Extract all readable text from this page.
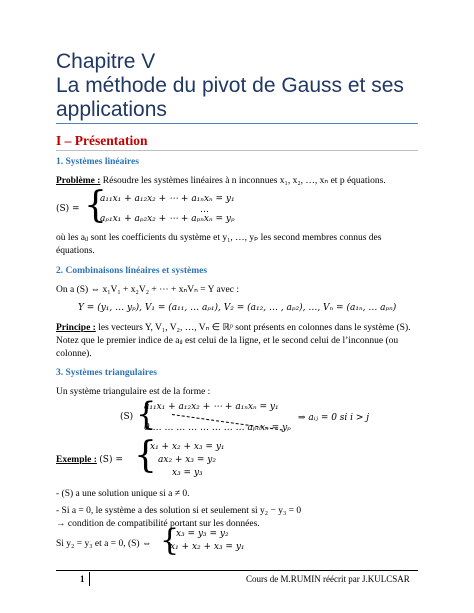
Chapitre V
La méthode du pivot de Gauss et ses
applications
I – Présentation
1. Systèmes linéaires
Problème : Résoudre les systèmes linéaires à n inconnues x₁, x₂, …, xₙ et p équations.
(S) = {
a₁₁x₁ + a₁₂x₂ + ⋯ + a₁ₙxₙ = y₁
…
aₚ₁x₁ + aₚ₂x₂ + ⋯ + aₚₙxₙ = yₚ
où les aᵢⱼ sont les coefficients du système et y₁, …, yₚ les second membres connus des
équations.
2. Combinaisons linéaires et systèmes
On a (S) ⇔ x₁V₁ + x₂V₂ + ⋯ + xₙVₙ = Y avec :
Y = (y₁, … yₚ), V₁ = (a₁₁, … aₚ₁), V₂ = (a₁₂, … , aₚ₂), …, Vₙ = (a₁ₙ, … aₚₙ)
Principe : les vecteurs Y, V₁, V₂, …, Vₙ ∈ ℝᵖ sont présents en colonnes dans le système (S).
Notez que le premier indice de aᵢⱼ est celui de la ligne, et le second celui de l’inconnue (ou
colonne).
3. Systèmes triangulaires
Un système triangulaire est de la forme :
(S) {
a₁₁x₁ + a₁₂x₂ + ⋯ + a₁ₙxₙ = y₁
0 … … … … … … … … aₚₙxₙ = yₚ
⇒ aᵢⱼ = 0 si i > j
Exemple : (S) = {
x₁ + x₂ + x₃ = y₁
ax₂ + x₃ = y₂
x₃ = y₃
- (S) a une solution unique si a ≠ 0.
- Si a = 0, le système a des solution si et seulement si y₂ − y₃ = 0
→ condition de compatibilité portant sur les données.
Si y₂ = y₃ et a = 0, (S) ⇔ {
x₃ = y₃ = y₂
x₁ + x₂ + x₃ = y₁
1	Cours de M.RUMIN réécrit par J.KULCSAR
